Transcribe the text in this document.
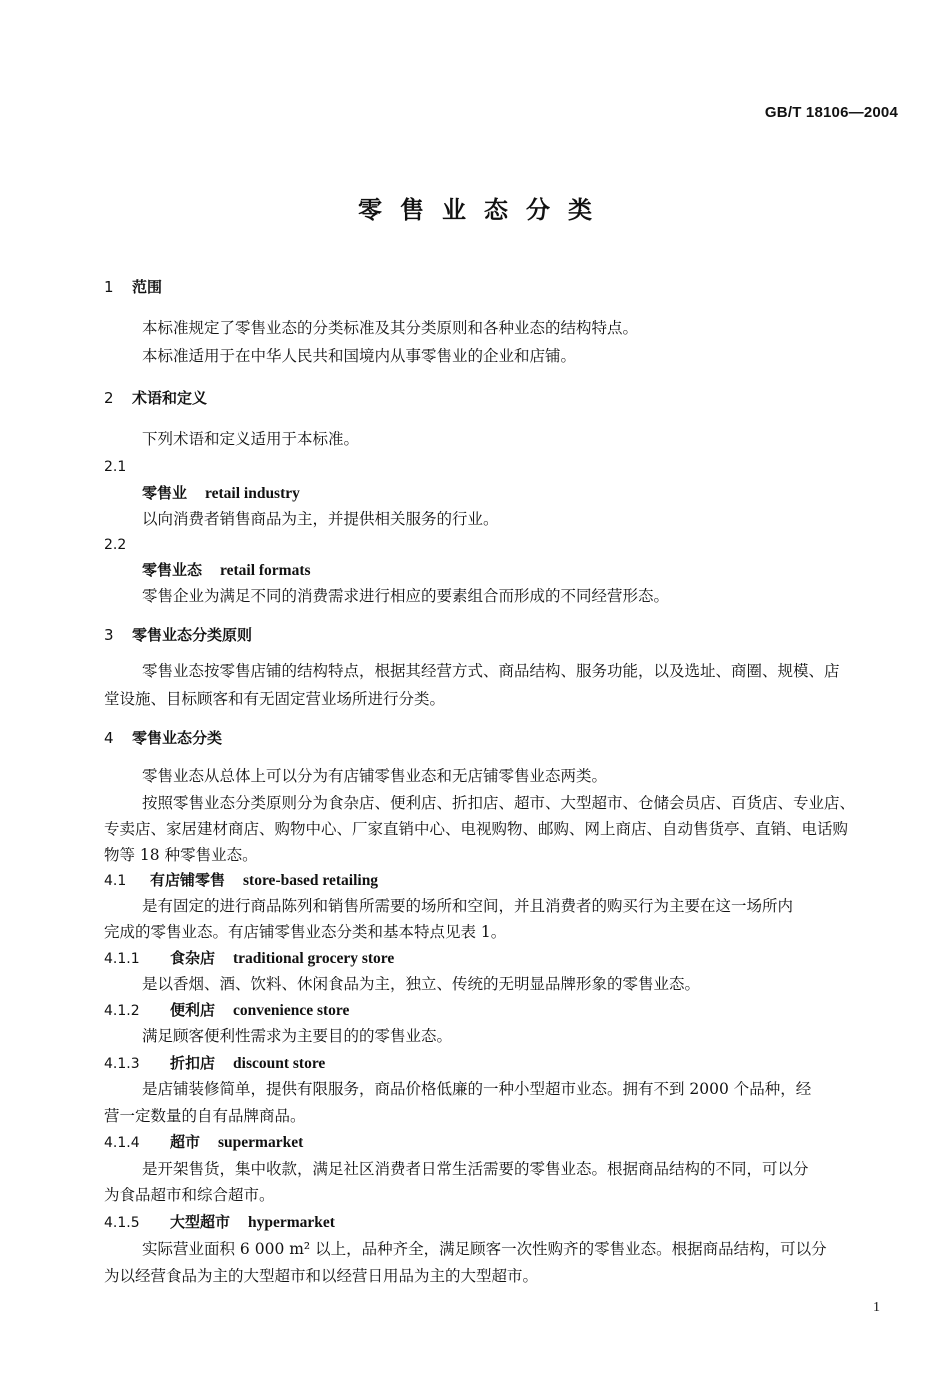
GB/T 18106—2004
零售业态分类
1 范围
本标准规定了零售业态的分类标准及其分类原则和各种业态的结构特点。
本标准适用于在中华人民共和国境内从事零售业的企业和店铺。
2 术语和定义
下列术语和定义适用于本标准。
2.1
零售业 retail industry
以向消费者销售商品为主，并提供相关服务的行业。
2.2
零售业态 retail formats
零售企业为满足不同的消费需求进行相应的要素组合而形成的不同经营形态。
3 零售业态分类原则
零售业态按零售店铺的结构特点，根据其经营方式、商品结构、服务功能，以及选址、商圈、规模、店
堂设施、目标顾客和有无固定营业场所进行分类。
4 零售业态分类
零售业态从总体上可以分为有店铺零售业态和无店铺零售业态两类。
按照零售业态分类原则分为食杂店、便利店、折扣店、超市、大型超市、仓储会员店、百货店、专业店、
专卖店、家居建材商店、购物中心、厂家直销中心、电视购物、邮购、网上商店、自动售货亭、直销、电话购
物等 18 种零售业态。
4.1 有店铺零售 store-based retailing
是有固定的进行商品陈列和销售所需要的场所和空间，并且消费者的购买行为主要在这一场所内
完成的零售业态。有店铺零售业态分类和基本特点见表 1。
4.1.1 食杂店 traditional grocery store
是以香烟、酒、饮料、休闲食品为主，独立、传统的无明显品牌形象的零售业态。
4.1.2 便利店 convenience store
满足顾客便利性需求为主要目的的零售业态。
4.1.3 折扣店 discount store
是店铺装修简单，提供有限服务，商品价格低廉的一种小型超市业态。拥有不到 2000 个品种，经
营一定数量的自有品牌商品。
4.1.4 超市 supermarket
是开架售货，集中收款，满足社区消费者日常生活需要的零售业态。根据商品结构的不同，可以分
为食品超市和综合超市。
4.1.5 大型超市 hypermarket
实际营业面积 6 000 m² 以上，品种齐全，满足顾客一次性购齐的零售业态。根据商品结构，可以分
为以经营食品为主的大型超市和以经营日用品为主的大型超市。
1
